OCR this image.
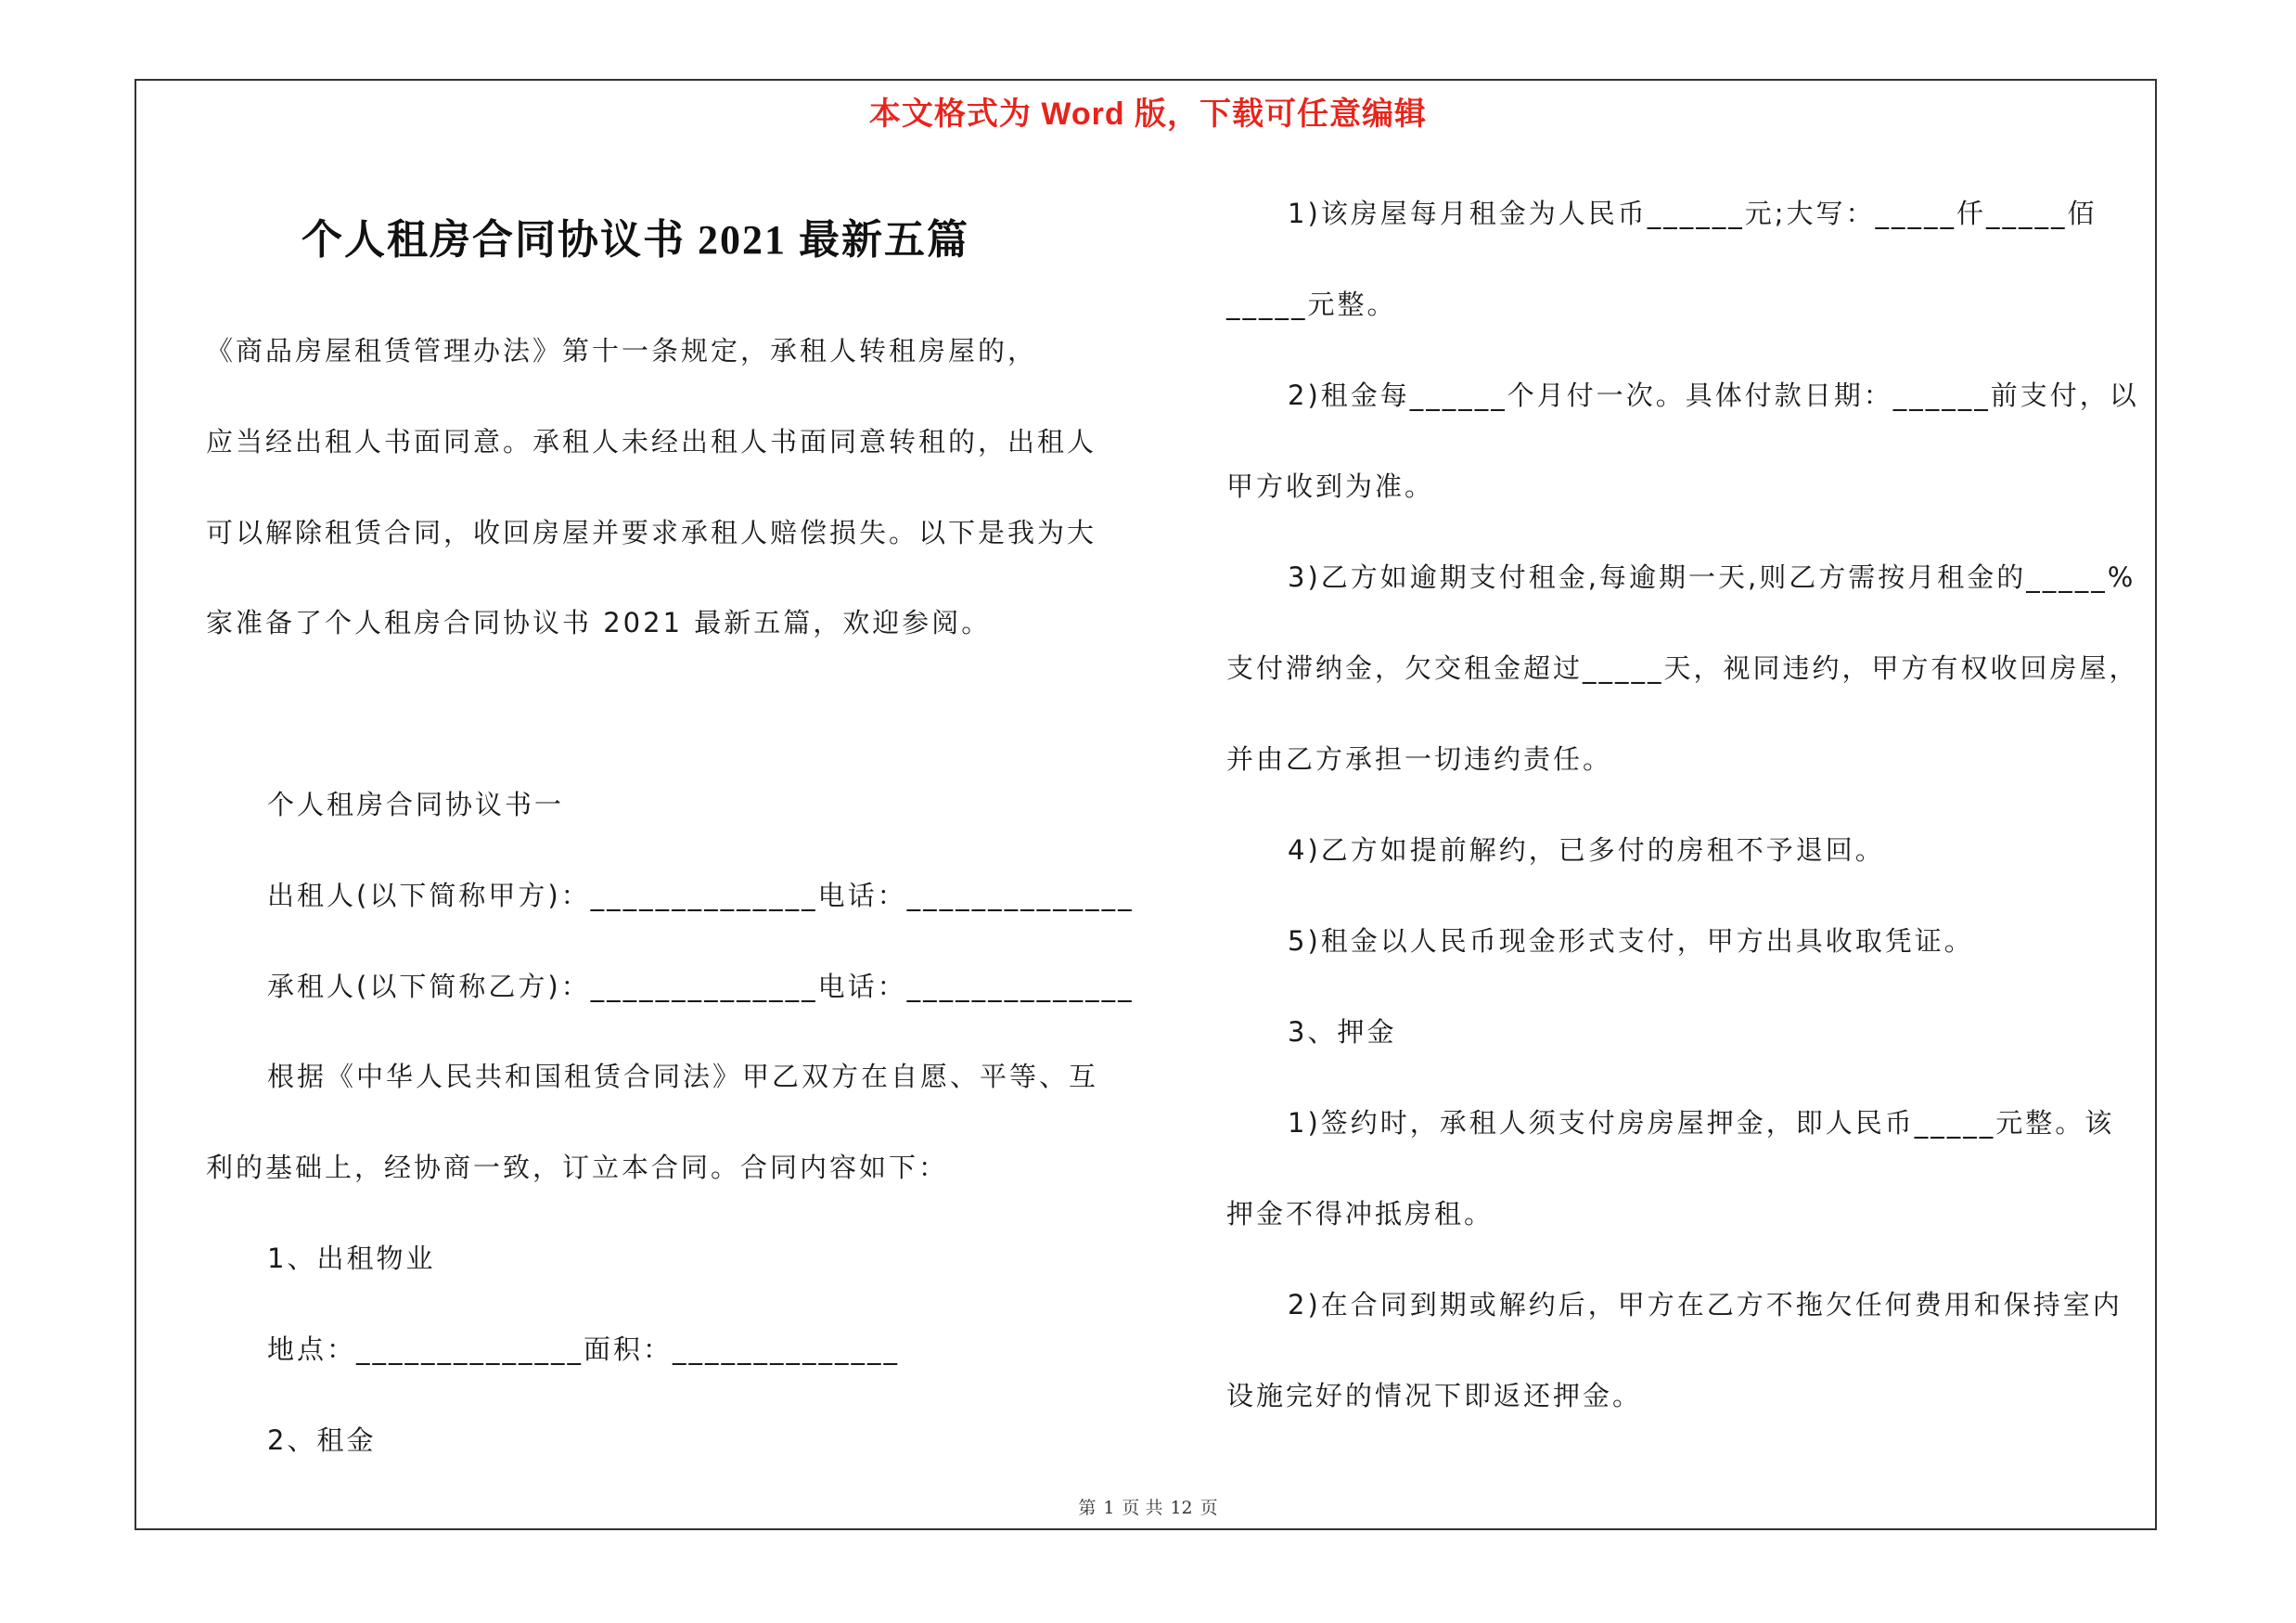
本文格式为 Word 版，下载可任意编辑
个人租房合同协议书 2021 最新五篇
《商品房屋租赁管理办法》第十一条规定，承租人转租房屋的，
应当经出租人书面同意。承租人未经出租人书面同意转租的，出租人
可以解除租赁合同，收回房屋并要求承租人赔偿损失。以下是我为大
家准备了个人租房合同协议书 2021 最新五篇，欢迎参阅。
个人租房合同协议书一
出租人(以下简称甲方)：______________电话：______________
承租人(以下简称乙方)：______________电话：______________
根据《中华人民共和国租赁合同法》甲乙双方在自愿、平等、互
利的基础上，经协商一致，订立本合同。合同内容如下：
1、出租物业
地点：______________面积：______________
2、租金
1)该房屋每月租金为人民币______元;大写：_____仟_____佰
_____元整。
2)租金每______个月付一次。具体付款日期：______前支付，以
甲方收到为准。
3)乙方如逾期支付租金,每逾期一天,则乙方需按月租金的_____%
支付滞纳金，欠交租金超过_____天，视同违约，甲方有权收回房屋，
并由乙方承担一切违约责任。
4)乙方如提前解约，已多付的房租不予退回。
5)租金以人民币现金形式支付，甲方出具收取凭证。
3、押金
1)签约时，承租人须支付房房屋押金，即人民币_____元整。该
押金不得冲抵房租。
2)在合同到期或解约后，甲方在乙方不拖欠任何费用和保持室内
设施完好的情况下即返还押金。
第 1 页 共 12 页
